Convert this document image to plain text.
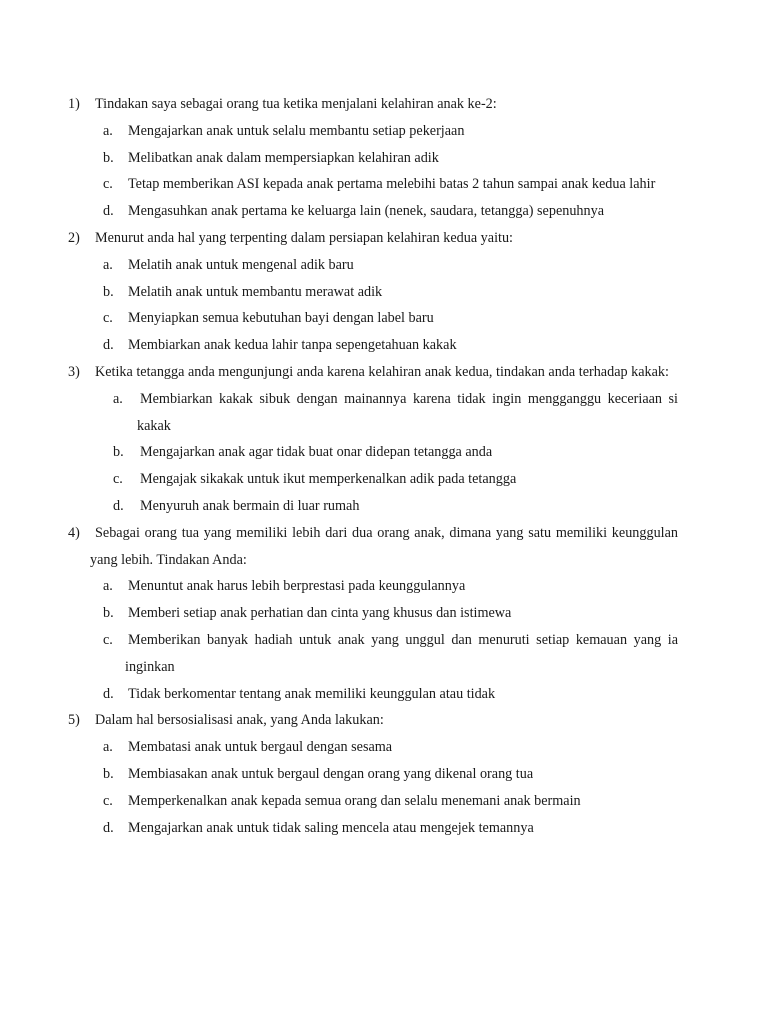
1)	Tindakan saya sebagai orang tua ketika menjalani kelahiran anak ke-2:
a. Mengajarkan anak untuk selalu membantu setiap pekerjaan
b. Melibatkan anak dalam mempersiapkan kelahiran adik
c. Tetap memberikan ASI kepada anak pertama melebihi batas 2 tahun sampai anak kedua lahir
d. Mengasuhkan anak pertama ke keluarga lain (nenek, saudara, tetangga) sepenuhnya
2)	Menurut anda hal yang terpenting dalam persiapan kelahiran kedua yaitu:
a. Melatih anak untuk mengenal adik baru
b. Melatih anak untuk membantu merawat adik
c. Menyiapkan semua kebutuhan bayi dengan label baru
d. Membiarkan anak kedua lahir tanpa sepengetahuan kakak
3)	Ketika tetangga anda mengunjungi anda karena kelahiran anak kedua, tindakan anda terhadap kakak:
a. Membiarkan kakak sibuk dengan mainannya karena tidak ingin mengganggu keceriaan si kakak
b. Mengajarkan anak agar tidak buat onar didepan tetangga anda
c. Mengajak sikakak untuk ikut memperkenalkan adik pada tetangga
d. Menyuruh anak bermain di luar rumah
4)	Sebagai orang tua yang memiliki lebih dari dua orang anak, dimana yang satu memiliki keunggulan yang lebih. Tindakan Anda:
a. Menuntut anak harus lebih berprestasi pada keunggulannya
b. Memberi setiap anak perhatian dan cinta yang khusus dan istimewa
c. Memberikan banyak hadiah untuk anak yang unggul dan menuruti setiap kemauan yang ia inginkan
d. Tidak berkomentar tentang anak memiliki keunggulan atau tidak
5)	Dalam hal bersosialisasi anak, yang Anda lakukan:
a. Membatasi anak untuk bergaul dengan sesama
b. Membiasakan anak untuk bergaul dengan orang yang dikenal orang tua
c. Memperkenalkan anak kepada semua orang dan selalu menemani anak bermain
d. Mengajarkan anak untuk tidak saling mencela atau mengejek temannya
